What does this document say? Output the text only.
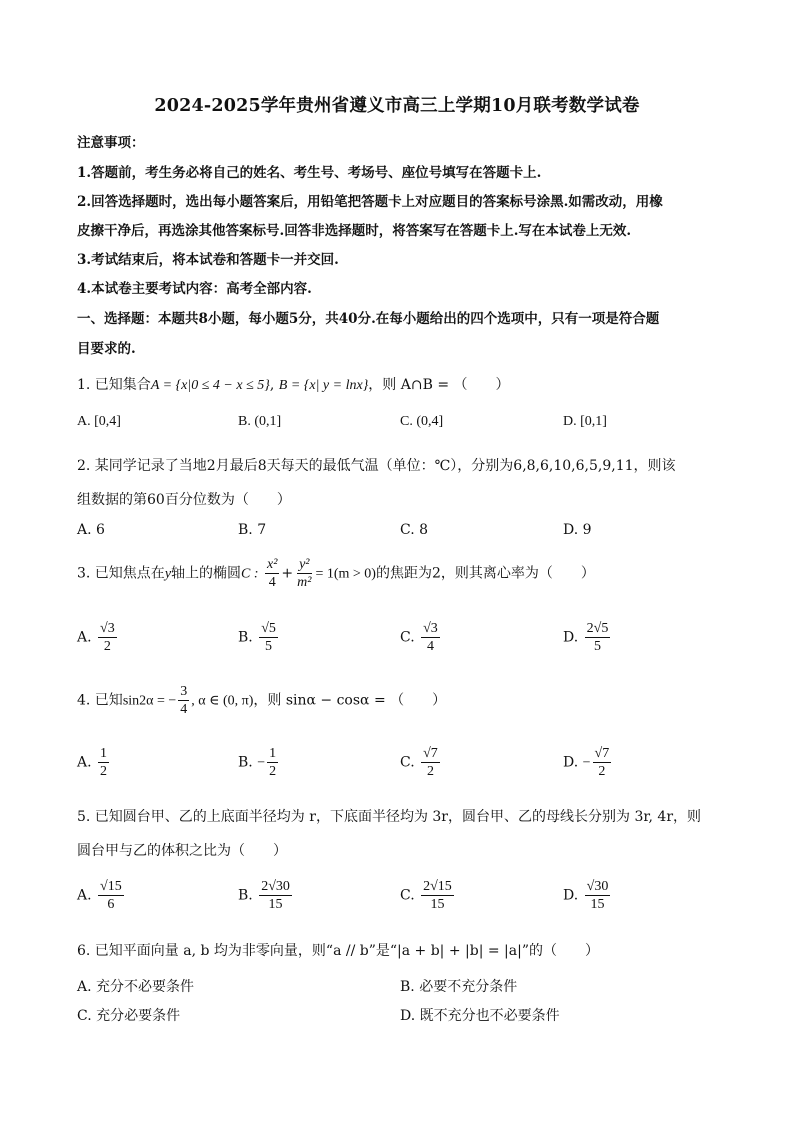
2024-2025学年贵州省遵义市高三上学期10月联考数学试卷
注意事项：
1.答题前，考生务必将自己的姓名、考生号、考场号、座位号填写在答题卡上.
2.回答选择题时，选出每小题答案后，用铅笔把答题卡上对应题目的答案标号涂黑.如需改动，用橡
皮擦干净后，再选涂其他答案标号.回答非选择题时，将答案写在答题卡上.写在本试卷上无效.
3.考试结束后，将本试卷和答题卡一并交回.
4.本试卷主要考试内容：高考全部内容.
一、选择题：本题共8小题，每小题5分，共40分.在每小题给出的四个选项中，只有一项是符合题
目要求的.
1. 已知集合A = {x|0 ≤ 4 − x ≤ 5}, B = {x| y = lnx}，则 A∩B = （　　）
A. [0,4]	B. (0,1]	C. (0,4]	D. [0,1]
2. 某同学记录了当地2月最后8天每天的最低气温（单位：℃），分别为6,8,6,10,6,5,9,11，则该
组数据的第60百分位数为（　　）
A. 6	B. 7	C. 8	D. 9
3. 已知焦点在y轴上的椭圆C : $\frac{\text{x²}}{4} + \frac{\text{y²}}{\text{m²}} = 1(m > 0)$的焦距为2，则其离心率为（　　）
A. $\frac{√3}{2}$	B. $\frac{√5}{5}$	C. $\frac{√3}{4}$	D. $\frac{2√5}{5}$
4. 已知sin2α = − $\frac{3}{4}$ , α ∈ (0, π)，则 sinα − cosα = （　　）
A. $\frac{1}{2}$	B. − $\frac{1}{2}$	C. $\frac{√7}{2}$	D. − $\frac{√7}{2}$
5. 已知圆台甲、乙的上底面半径均为 r，下底面半径均为 3r，圆台甲、乙的母线长分别为 3r, 4r，则
圆台甲与乙的体积之比为（　　）
A. $\frac{√15}{6}$	B. $\frac{2√30}{15}$	C. $\frac{2√15}{15}$	D. $\frac{√30}{15}$
6. 已知平面向量 a, b 均为非零向量，则“a // b”是“|a + b| + |b| = |a|”的（　　）
A. 充分不必要条件	B. 必要不充分条件
C. 充分必要条件	D. 既不充分也不必要条件
